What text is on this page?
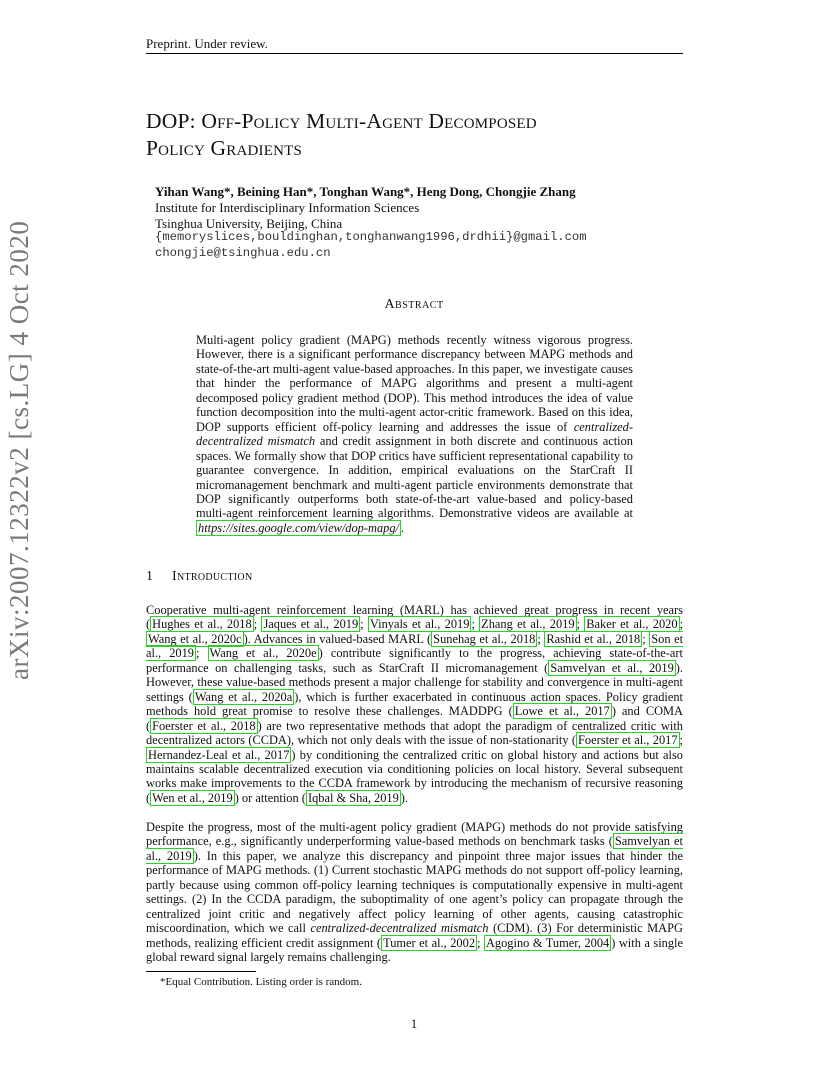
Preprint. Under review.
DOP: Off-Policy Multi-Agent Decomposed
Policy Gradients
Yihan Wang*, Beining Han*, Tonghan Wang*, Heng Dong, Chongjie Zhang
Institute for Interdisciplinary Information Sciences
Tsinghua University, Beijing, China
{memoryslices,bouldinghan,tonghanwang1996,drdhii}@gmail.com
chongjie@tsinghua.edu.cn
arXiv:2007.12322v2 [cs.LG] 4 Oct 2020	Abstract

Multi-agent policy gradient (MAPG) methods recently witness vigorous progress. However, there is a significant performance discrepancy between MAPG methods and state-of-the-art multi-agent value-based approaches. In this paper, we investigate causes that hinder the performance of MAPG algorithms and present a multi-agent decomposed policy gradient method (DOP). This method introduces the idea of value function decomposition into the multi-agent actor-critic framework. Based on this idea, DOP supports efficient off-policy learning and addresses the issue of centralized-decentralized mismatch and credit assignment in both discrete and continuous action spaces. We formally show that DOP critics have sufficient representational capability to guarantee convergence. In addition, empirical evaluations on the StarCraft II micromanagement benchmark and multi-agent particle environments demonstrate that DOP significantly outperforms both state-of-the-art value-based and policy-based multi-agent reinforcement learning algorithms. Demonstrative videos are available at https://sites.google.com/view/dop-mapg/ .

1 Introduction

Cooperative multi-agent reinforcement learning (MARL) has achieved great progress in recent years ( Hughes et al., 2018 ; Jaques et al., 2019 ; Vinyals et al., 2019 ; Zhang et al., 2019 ; Baker et al., 2020 ; Wang et al., 2020c ). Advances in valued-based MARL ( Sunehag et al., 2018 ; Rashid et al., 2018 ; Son et al., 2019 ; Wang et al., 2020e ) contribute significantly to the progress, achieving state-of-the-art performance on challenging tasks, such as StarCraft II micromanagement ( Samvelyan et al., 2019 ). However, these value-based methods present a major challenge for stability and convergence in multi-agent settings ( Wang et al., 2020a ), which is further exacerbated in continuous action spaces. Policy gradient methods hold great promise to resolve these challenges. MADDPG ( Lowe et al., 2017 ) and COMA ( Foerster et al., 2018 ) are two representative methods that adopt the paradigm of centralized critic with decentralized actors (CCDA), which not only deals with the issue of non-stationarity ( Foerster et al., 2017 ; Hernandez-Leal et al., 2017 ) by conditioning the centralized critic on global history and actions but also maintains scalable decentralized execution via conditioning policies on local history. Several subsequent works make improvements to the CCDA framework by introducing the mechanism of recursive reasoning ( Wen et al., 2019 ) or attention ( Iqbal & Sha, 2019 ).

Despite the progress, most of the multi-agent policy gradient (MAPG) methods do not provide satisfying performance, e.g., significantly underperforming value-based methods on benchmark tasks ( Samvelyan et al., 2019 ). In this paper, we analyze this discrepancy and pinpoint three major issues that hinder the performance of MAPG methods. (1) Current stochastic MAPG methods do not support off-policy learning, partly because using common off-policy learning techniques is computationally expensive in multi-agent settings. (2) In the CCDA paradigm, the suboptimality of one agent’s policy can propagate through the centralized joint critic and negatively affect policy learning of other agents, causing catastrophic miscoordination, which we call centralized-decentralized mismatch (CDM). (3) For deterministic MAPG methods, realizing efficient credit assignment ( Tumer et al., 2002 ; Agogino & Tumer, 2004 ) with a single global reward signal largely remains challenging.

*Equal Contribution. Listing order is random.
1
